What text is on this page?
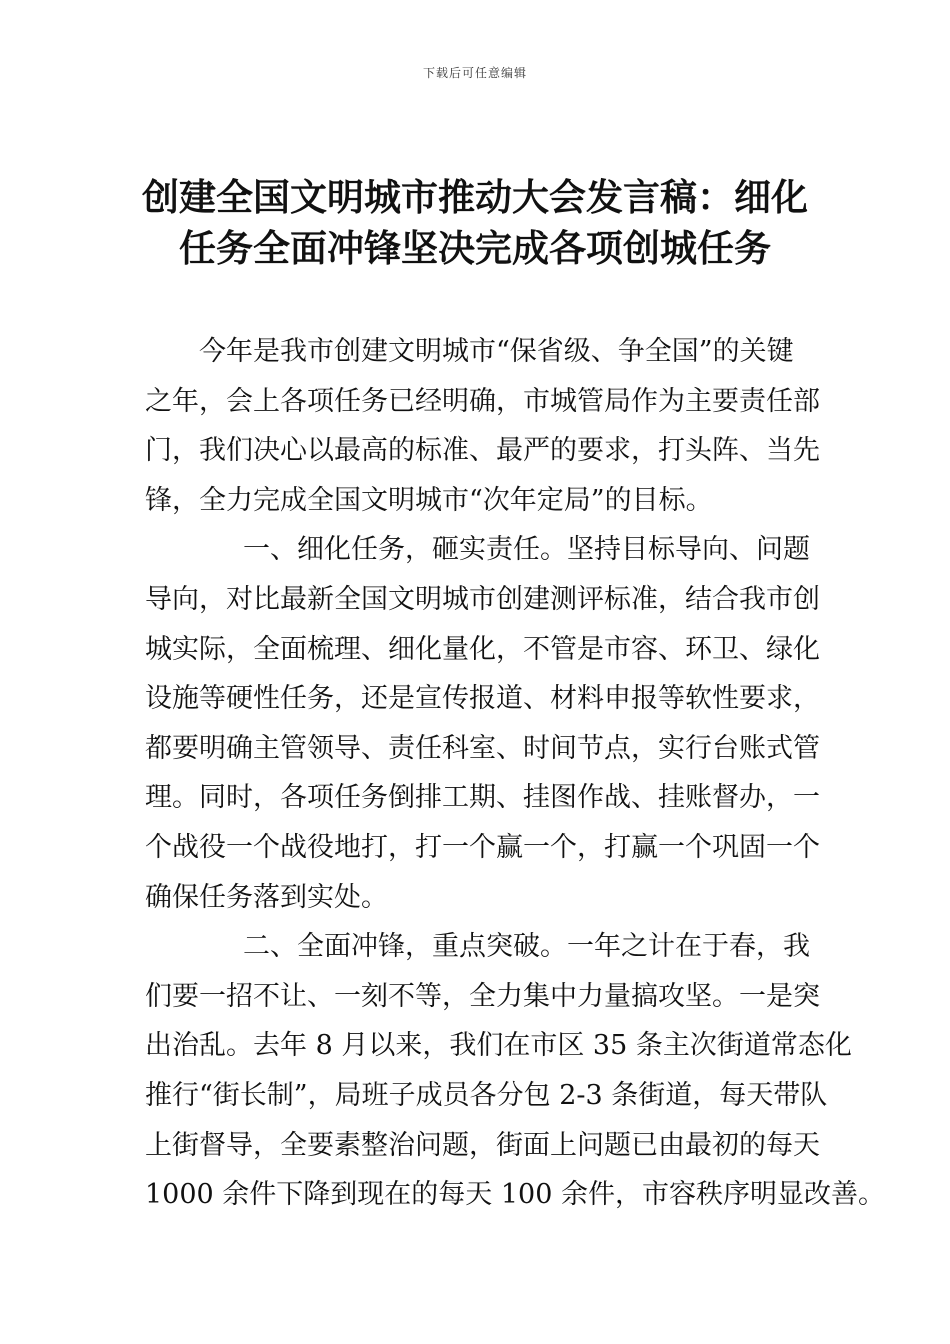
下载后可任意编辑
创建全国文明城市推动大会发言稿：细化
任务全面冲锋坚决完成各项创城任务
今年是我市创建文明城市“保省级、争全国”的关键
之年，会上各项任务已经明确，市城管局作为主要责任部
门，我们决心以最高的标准、最严的要求，打头阵、当先
锋，全力完成全国文明城市“次年定局”的目标。
一、细化任务，砸实责任。坚持目标导向、问题
导向，对比最新全国文明城市创建测评标准，结合我市创
城实际，全面梳理、细化量化，不管是市容、环卫、绿化
设施等硬性任务，还是宣传报道、材料申报等软性要求，
都要明确主管领导、责任科室、时间节点，实行台账式管
理。同时，各项任务倒排工期、挂图作战、挂账督办，一
个战役一个战役地打，打一个赢一个，打赢一个巩固一个
确保任务落到实处。
二、全面冲锋，重点突破。一年之计在于春，我
们要一招不让、一刻不等，全力集中力量搞攻坚。一是突
出治乱。去年 8 月以来，我们在市区 35 条主次街道常态化
推行“街长制”，局班子成员各分包 2-3 条街道，每天带队
上街督导，全要素整治问题，街面上问题已由最初的每天
1000 余件下降到现在的每天 100 余件，市容秩序明显改善。
